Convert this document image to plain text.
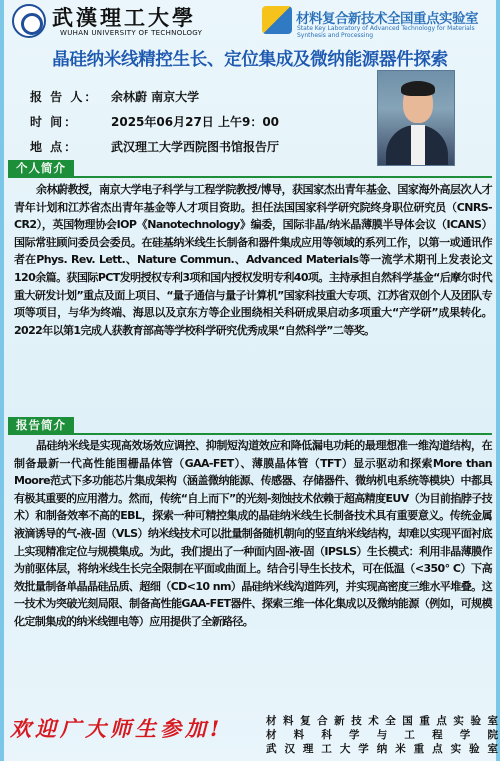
武漢理工大學
WUHAN UNIVERSITY OF TECHNOLOGY
材料复合新技术全国重点实验室
State Key Laboratory of Advanced Technology for Materials Synthesis and Processing
晶硅纳米线精控生长、定位集成及微纳能源器件探索
报 告 人：	余林蔚 南京大学
时 间：	2025年06月27日 上午9：00
地 点：	武汉理工大学西院图书馆报告厅
个人简介
余林蔚教授，南京大学电子科学与工程学院教授/博导，获国家杰出青年基金、国家海外高层次人才青年计划和江苏省杰出青年基金等人才项目资助。担任法国国家科学研究院终身职位研究员（CNRS-CR2），英国物理协会IOP《Nanotechnology》编委，国际非晶/纳米晶薄膜半导体会议（ICANS）国际常驻顾问委员会委员。在硅基纳米线生长制备和器件集成应用等领域的系列工作，以第一或通讯作者在Phys. Rev. Lett.、Nature Commun.、Advanced Materials等一流学术期刊上发表论文120余篇。获国际PCT发明授权专利3项和国内授权发明专利40项。主持承担自然科学基金“后摩尔时代重大研发计划”重点及面上项目、“量子通信与量子计算机”国家科技重大专项、江苏省双创个人及团队专项等项目，与华为终端、海思以及京东方等企业围绕相关科研成果启动多项重大“产学研”成果转化。2022年以第1完成人获教育部高等学校科学研究优秀成果“自然科学”二等奖。
报告简介
晶硅纳米线是实现高效场效应调控、抑制短沟道效应和降低漏电功耗的最理想准一维沟道结构，在制备最新一代高性能围栅晶体管（GAA-FET）、薄膜晶体管（TFT）显示驱动和探索More than Moore范式下多功能芯片集成架构（涵盖微纳能源、传感器、存储器件、微纳机电系统等模块）中都具有极其重要的应用潜力。然而，传统“自上而下”的光刻-刻蚀技术依赖于超高精度EUV（为目前掐脖子技术）和制备效率不高的EBL，探索一种可精控集成的晶硅纳米线生长制备技术具有重要意义。传统金属液滴诱导的气-液-固（VLS）纳米线技术可以批量制备随机朝向的竖直纳米线结构，却难以实现平面衬底上实现精准定位与规模集成。为此，我们提出了一种面内固-液-固（IPSLS）生长模式：利用非晶薄膜作为前驱体层，将纳米线生长完全限制在平面或曲面上。结合引导生长技术，可在低温（<350° C）下高效批量制备单晶晶硅品质、超细（CD<10 nm）晶硅纳米线沟道阵列，并实现高密度三维水平堆叠。这一技术为突破光刻局限、制备高性能GAA-FET器件、探索三维一体化集成以及微纳能源（例如，可规模化定制集成的纳米线锂电等）应用提供了全新路径。
欢迎广大师生参加!	材料复合新技术全国重点实验室
材料科学与工程学院
武汉理工大学纳米重点实验室
